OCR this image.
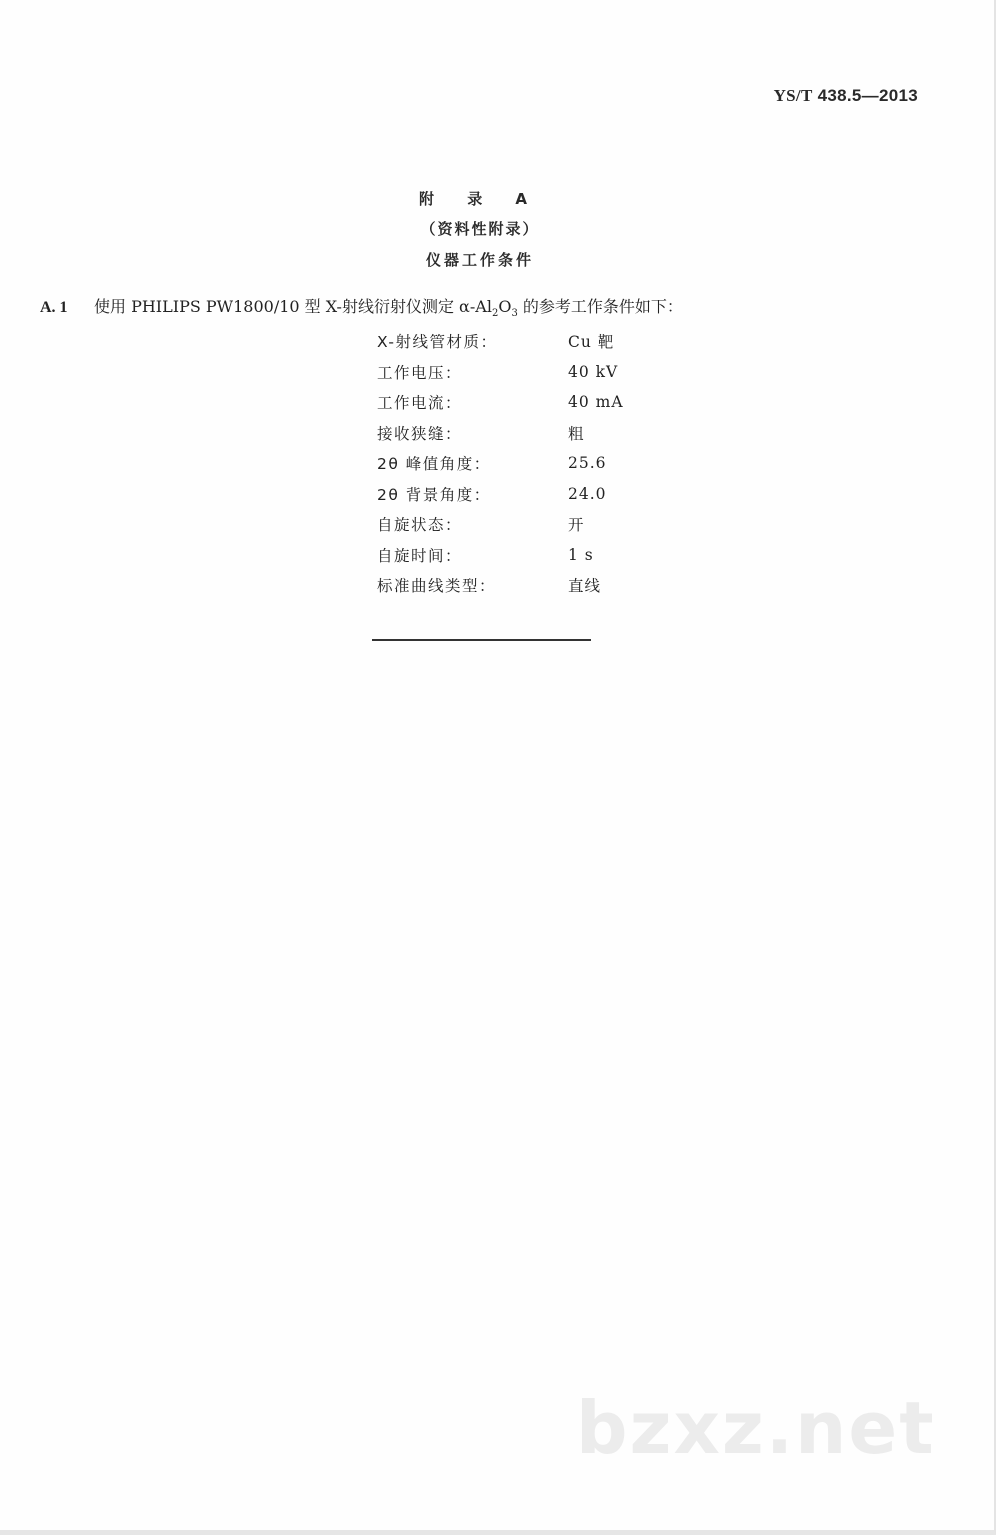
YS/T 438.5—2013
附 录 A
（资料性附录）
仪器工作条件
A. 1 使用 PHILIPS PW1800/10 型 X-射线衍射仪测定 $\alpha-Al_2O_3$ 的参考工作条件如下：
X-射线管材质：	Cu 靶
工作电压：	40 kV
工作电流：	40 mA
接收狭缝：	粗
2θ 峰值角度：	25.6
2θ 背景角度：	24.0
自旋状态：	开
自旋时间：	1 s
标准曲线类型：	直线
bzxz.net
